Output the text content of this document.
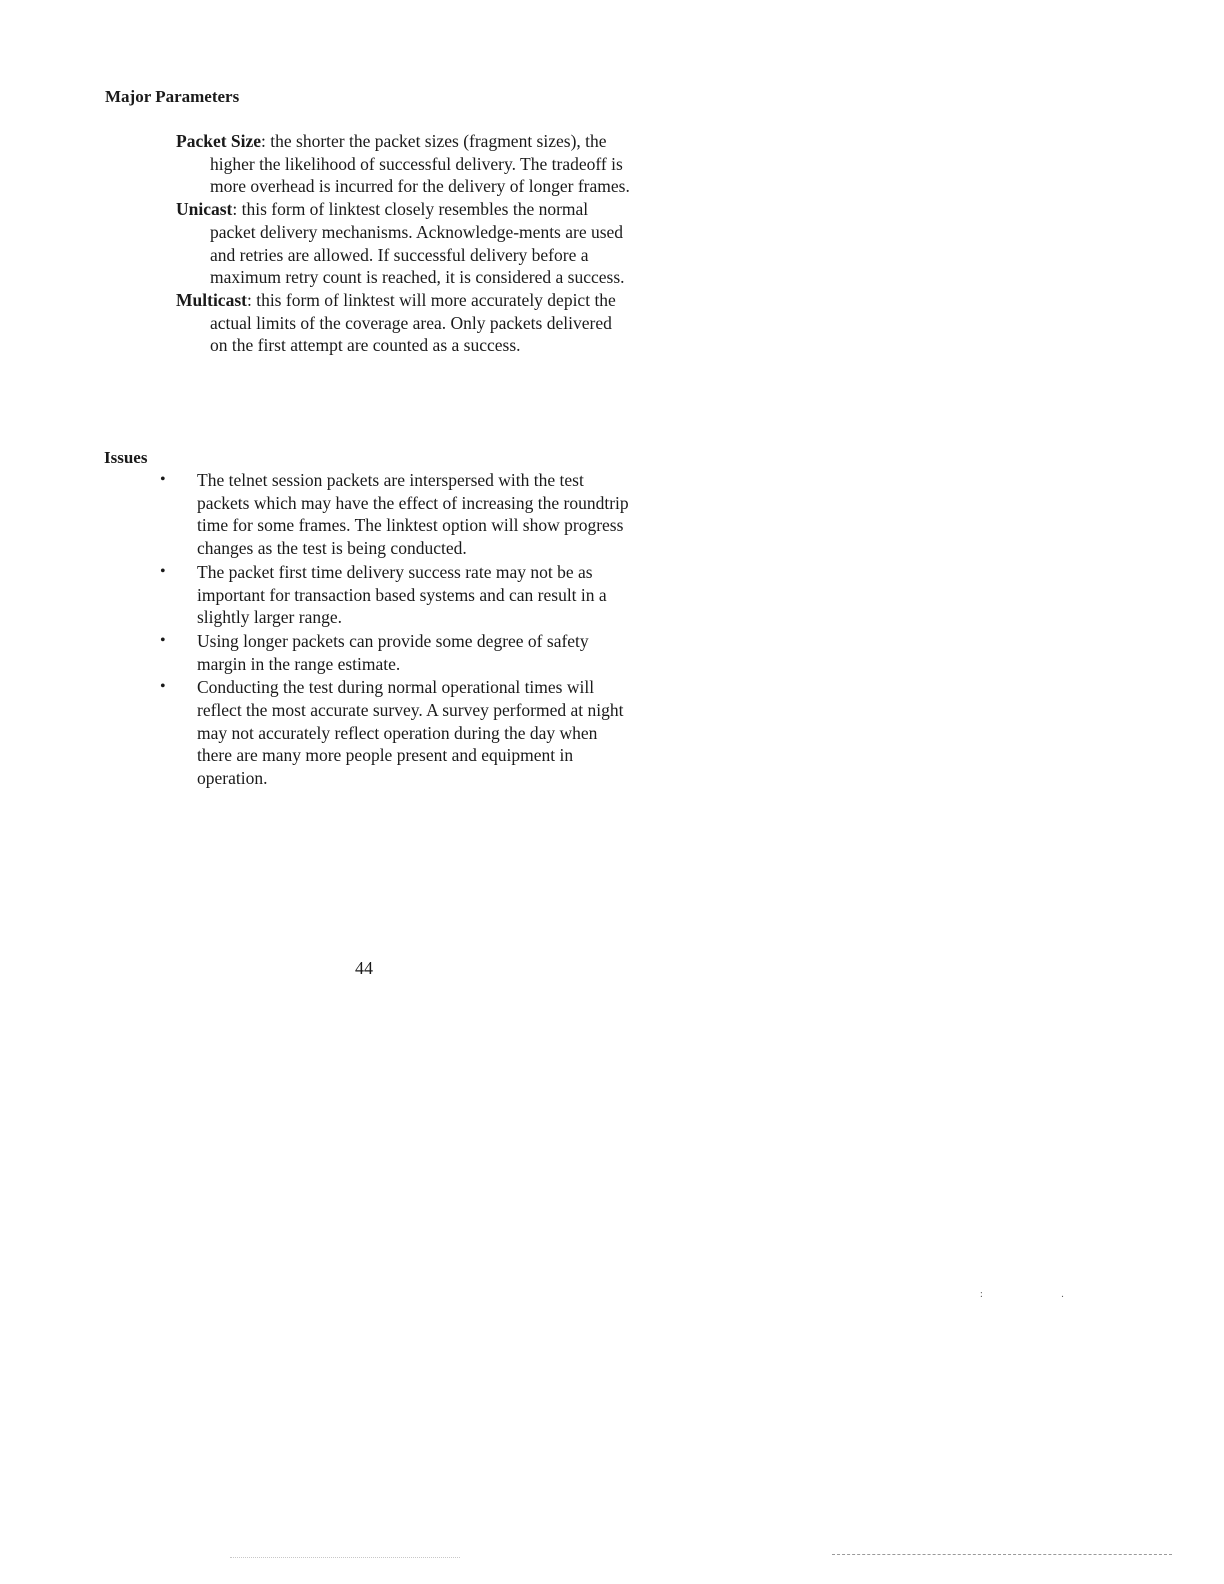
Major Parameters

Packet Size: the shorter the packet sizes (fragment sizes), the higher the likelihood of successful delivery. The tradeoff is more overhead is incurred for the delivery of longer frames.

Unicast: this form of linktest closely resembles the normal packet delivery mechanisms. Acknowledge-ments are used and retries are allowed. If successful delivery before a maximum retry count is reached, it is considered a success.

Multicast: this form of linktest will more accurately depict the actual limits of the coverage area. Only packets delivered on the first attempt are counted as a success.

Issues
• The telnet session packets are interspersed with the test packets which may have the effect of increasing the roundtrip time for some frames. The linktest option will show progress changes as the test is being conducted.
• The packet first time delivery success rate may not be as important for transaction based systems and can result in a slightly larger range.
• Using longer packets can provide some degree of safety margin in the range estimate.
• Conducting the test during normal operational times will reflect the most accurate survey. A survey performed at night may not accurately reflect operation during the day when there are many more people present and equipment in operation.
44
: .
